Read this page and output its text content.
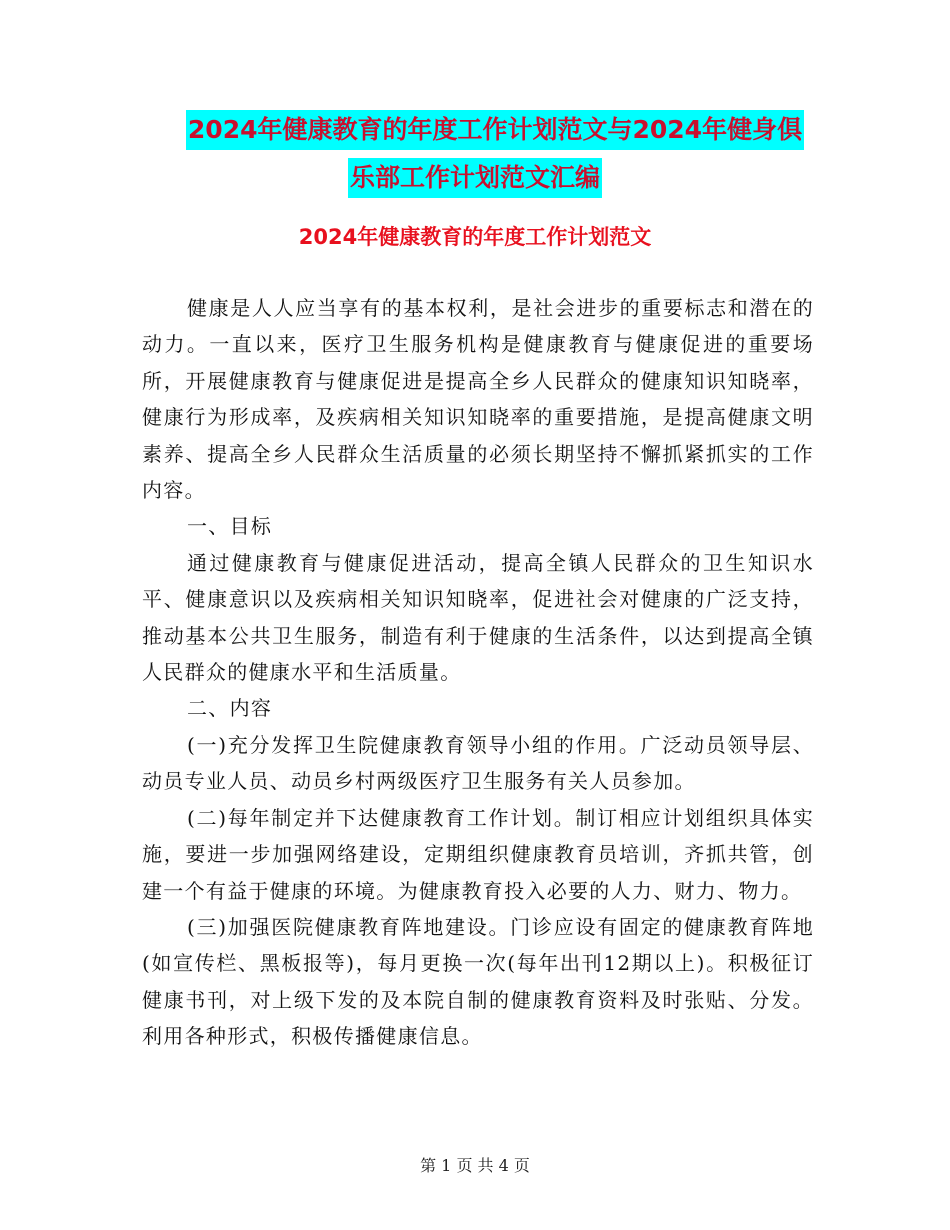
2024年健康教育的年度工作计划范文与2024年健身俱
乐部工作计划范文汇编
2024年健康教育的年度工作计划范文

健康是人人应当享有的基本权利，是社会进步的重要标志和潜在的动力。一直以来，医疗卫生服务机构是健康教育与健康促进的重要场所，开展健康教育与健康促进是提高全乡人民群众的健康知识知晓率，健康行为形成率，及疾病相关知识知晓率的重要措施，是提高健康文明素养、提高全乡人民群众生活质量的必须长期坚持不懈抓紧抓实的工作内容。

一、目标

通过健康教育与健康促进活动，提高全镇人民群众的卫生知识水平、健康意识以及疾病相关知识知晓率，促进社会对健康的广泛支持，推动基本公共卫生服务，制造有利于健康的生活条件，以达到提高全镇人民群众的健康水平和生活质量。

二、内容

(一)充分发挥卫生院健康教育领导小组的作用。广泛动员领导层、动员专业人员、动员乡村两级医疗卫生服务有关人员参加。

(二)每年制定并下达健康教育工作计划。制订相应计划组织具体实施，要进一步加强网络建设，定期组织健康教育员培训，齐抓共管，创建一个有益于健康的环境。为健康教育投入必要的人力、财力、物力。

(三)加强医院健康教育阵地建设。门诊应设有固定的健康教育阵地(如宣传栏、黑板报等)，每月更换一次(每年出刊12期以上)。积极征订健康书刊，对上级下发的及本院自制的健康教育资料及时张贴、分发。利用各种形式，积极传播健康信息。

第 1 页 共 4 页
